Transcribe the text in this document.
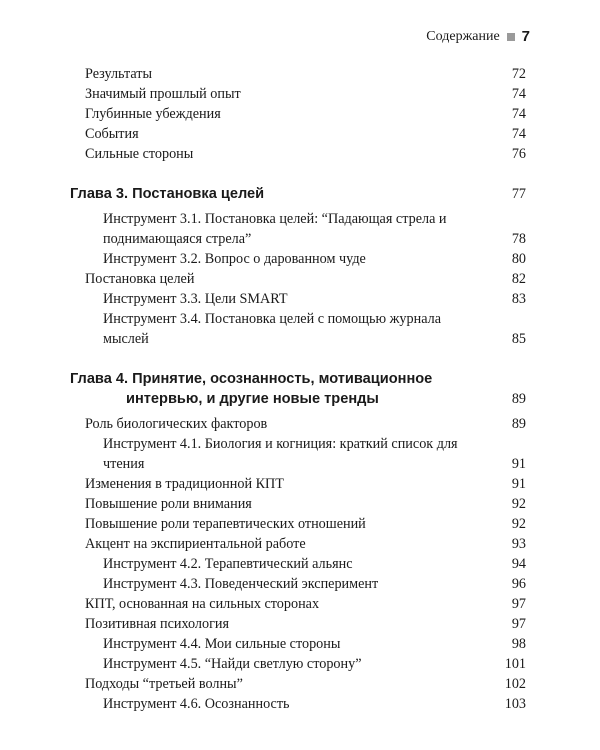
Содержание 7
Результаты	72
Значимый прошлый опыт	74
Глубинные убеждения	74
События	74
Сильные стороны	76
Глава 3. Постановка целей	77
Инструмент 3.1. Постановка целей: “Падающая стрела и поднимающаяся стрела”	78
Инструмент 3.2. Вопрос о дарованном чуде	80
Постановка целей	82
Инструмент 3.3. Цели SMART	83
Инструмент 3.4. Постановка целей с помощью журнала мыслей	85
Глава 4. Принятие, осознанность, мотивационное
интервью, и другие новые тренды	89
Роль биологических факторов	89
Инструмент 4.1. Биология и когниция: краткий список для чтения	91
Изменения в традиционной КПТ	91
Повышение роли внимания	92
Повышение роли терапевтических отношений	92
Акцент на экспириентальной работе	93
Инструмент 4.2. Терапевтический альянс	94
Инструмент 4.3. Поведенческий эксперимент	96
КПТ, основанная на сильных сторонах	97
Позитивная психология	97
Инструмент 4.4. Мои сильные стороны	98
Инструмент 4.5. “Найди светлую сторону”	101
Подходы “третьей волны”	102
Инструмент 4.6. Осознанность	103
